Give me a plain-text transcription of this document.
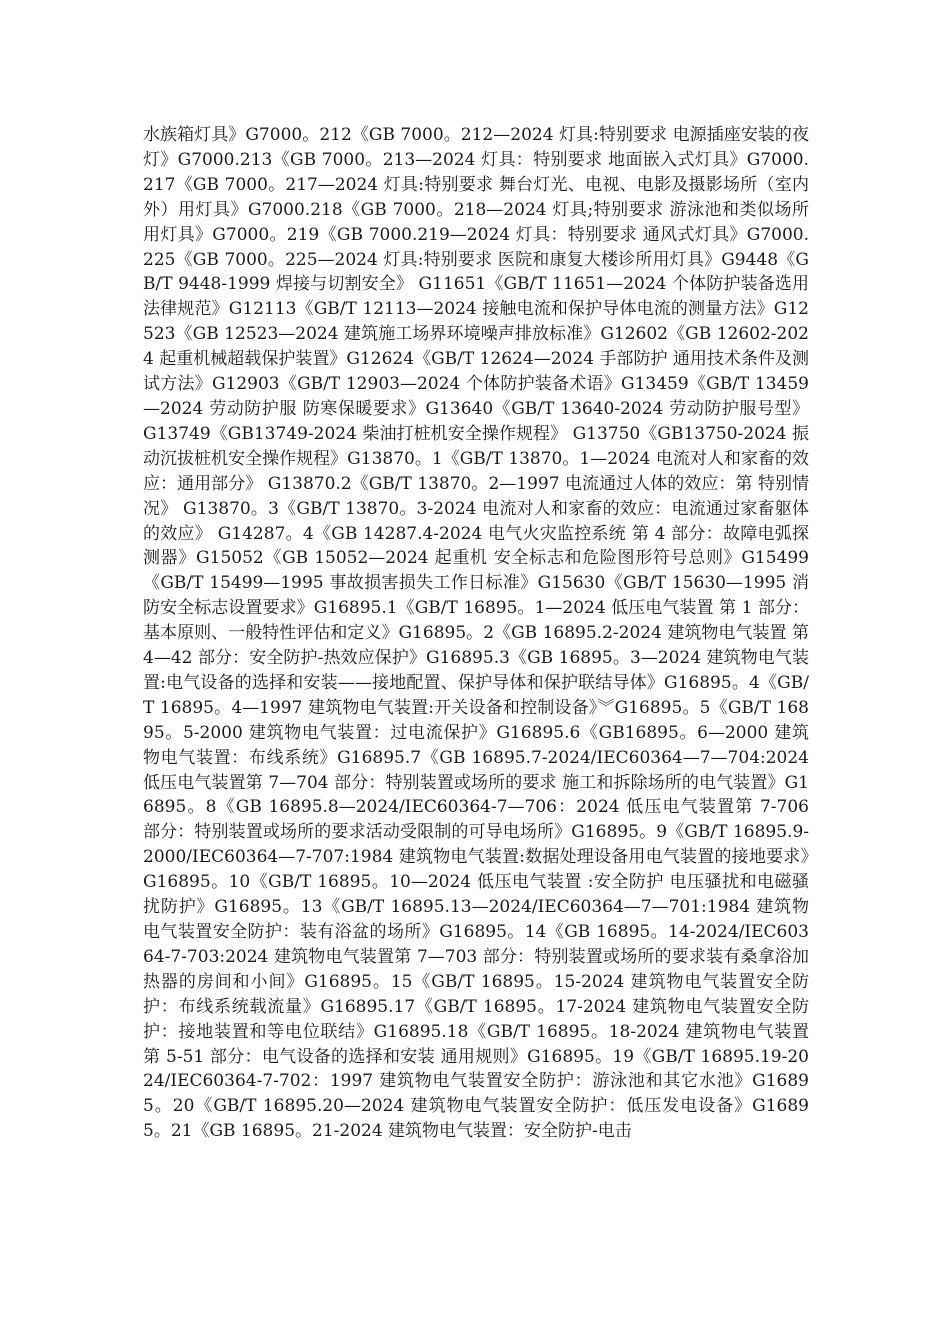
水族箱灯具》G7000。212《GB 7000。212—2024 灯具:特别要求 电源插座安装的夜灯》G7000.213《GB 7000。213—2024 灯具：特别要求 地面嵌入式灯具》G7000.217《GB 7000。217—2024 灯具:特别要求 舞台灯光、电视、电影及摄影场所（室内外）用灯具》G7000.218《GB 7000。218—2024 灯具;特别要求 游泳池和类似场所用灯具》G7000。219《GB 7000.219—2024 灯具：特别要求 通风式灯具》G7000.225《GB 7000。225—2024 灯具:特别要求 医院和康复大楼诊所用灯具》G9448《GB/T 9448-1999 焊接与切割安全》 G11651《GB/T 11651—2024 个体防护装备选用法律规范》G12113《GB/T 12113—2024 接触电流和保护导体电流的测量方法》G12523《GB 12523—2024 建筑施工场界环境噪声排放标准》G12602《GB 12602-2024 起重机械超载保护装置》G12624《GB/T 12624—2024 手部防护 通用技术条件及测试方法》G12903《GB/T 12903—2024 个体防护装备术语》G13459《GB/T 13459—2024 劳动防护服 防寒保暖要求》G13640《GB/T 13640-2024 劳动防护服号型》G13749《GB13749-2024 柴油打桩机安全操作规程》 G13750《GB13750-2024 振动沉拔桩机安全操作规程》G13870。1《GB/T 13870。1—2024 电流对人和家畜的效应：通用部分》 G13870.2《GB/T 13870。2—1997 电流通过人体的效应：第 特别情况》 G13870。3《GB/T 13870。3-2024 电流对人和家畜的效应：电流通过家畜躯体的效应》 G14287。4《GB 14287.4-2024 电气火灾监控系统 第 4 部分：故障电弧探测器》G15052《GB 15052—2024 起重机 安全标志和危险图形符号总则》G15499《GB/T 15499—1995 事故损害损失工作日标准》G15630《GB/T 15630—1995 消防安全标志设置要求》G16895.1《GB/T 16895。1—2024 低压电气装置 第 1 部分：基本原则、一般特性评估和定义》G16895。2《GB 16895.2-2024 建筑物电气装置 第 4—42 部分：安全防护-热效应保护》G16895.3《GB 16895。3—2024 建筑物电气装置:电气设备的选择和安装——接地配置、保护导体和保护联结导体》G16895。4《GB/T 16895。4—1997 建筑物电气装置:开关设备和控制设备》︾G16895。5《GB/T 16895。5-2000 建筑物电气装置：过电流保护》G16895.6《GB16895。6—2000 建筑物电气装置：布线系统》G16895.7《GB 16895.7-2024/IEC60364—7—704:2024 低压电气装置第 7—704 部分：特别装置或场所的要求 施工和拆除场所的电气装置》G16895。8《GB 16895.8—2024/IEC60364-7—706：2024 低压电气装置第 7-706 部分：特别装置或场所的要求活动受限制的可导电场所》G16895。9《GB/T 16895.9-2000/IEC60364—7-707:1984 建筑物电气装置:数据处理设备用电气装置的接地要求》G16895。10《GB/T 16895。10—2024 低压电气装置 :安全防护 电压骚扰和电磁骚扰防护》G16895。13《GB/T 16895.13—2024/IEC60364—7—701:1984 建筑物电气装置安全防护：装有浴盆的场所》G16895。14《GB 16895。14-2024/IEC60364-7-703:2024 建筑物电气装置第 7—703 部分：特别装置或场所的要求装有桑拿浴加热器的房间和小间》G16895。15《GB/T 16895。15-2024 建筑物电气装置安全防护：布线系统载流量》G16895.17《GB/T 16895。17-2024 建筑物电气装置安全防护：接地装置和等电位联结》G16895.18《GB/T 16895。18-2024 建筑物电气装置 第 5-51 部分：电气设备的选择和安装 通用规则》G16895。19《GB/T 16895.19-2024/IEC60364-7-702：1997 建筑物电气装置安全防护：游泳池和其它水池》G16895。20《GB/T 16895.20—2024 建筑物电气装置安全防护：低压发电设备》G16895。21《GB 16895。21-2024 建筑物电气装置：安全防护-电击
